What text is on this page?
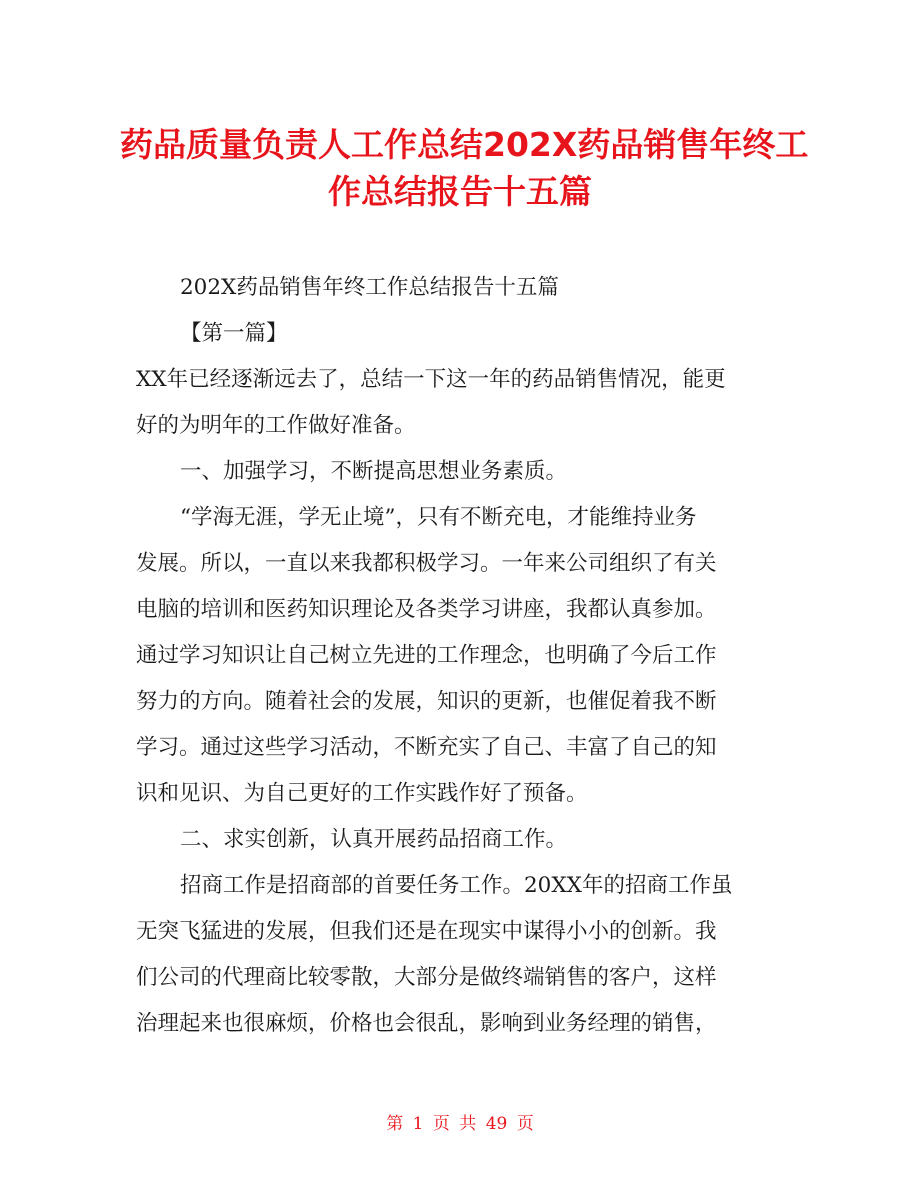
药品质量负责人工作总结202X药品销售年终工
作总结报告十五篇

202X药品销售年终工作总结报告十五篇

【第一篇】

XX年已经逐渐远去了，总结一下这一年的药品销售情况，能更

好的为明年的工作做好准备。

一、加强学习，不断提高思想业务素质。

“学海无涯，学无止境”，只有不断充电，才能维持业务

发展。所以，一直以来我都积极学习。一年来公司组织了有关

电脑的培训和医药知识理论及各类学习讲座，我都认真参加。

通过学习知识让自己树立先进的工作理念，也明确了今后工作

努力的方向。随着社会的发展，知识的更新，也催促着我不断

学习。通过这些学习活动，不断充实了自己、丰富了自己的知

识和见识、为自己更好的工作实践作好了预备。

二、求实创新，认真开展药品招商工作。

招商工作是招商部的首要任务工作。20XX年的招商工作虽

无突飞猛进的发展，但我们还是在现实中谋得小小的创新。我

们公司的代理商比较零散，大部分是做终端销售的客户，这样

治理起来也很麻烦，价格也会很乱，影响到业务经理的销售，

第 1 页 共 49 页
